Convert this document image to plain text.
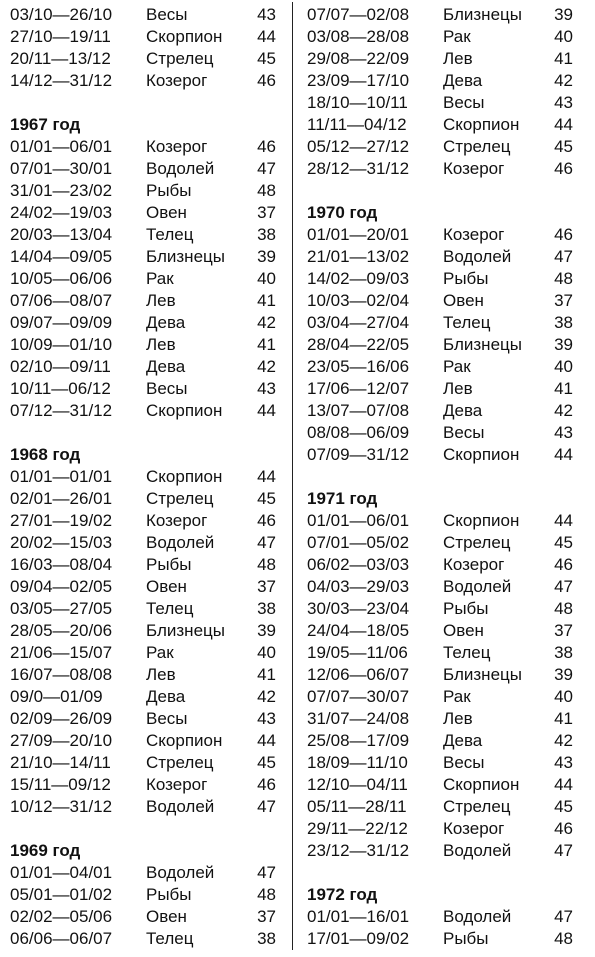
03/10—26/10 Весы	43
27/10—19/11 Скорпион 44
20/11—13/12 Стрелец	45
14/12—31/12 Козерог	46
1967 год
01/01—06/01 Козерог	46
07/01—30/01 Водолей	47
31/01—23/02 Рыбы	48
24/02—19/03 Овен	37
20/03—13/04 Телец	38
14/04—09/05 Близнецы 39
10/05—06/06 Рак	40
07/06—08/07 Лев	41
09/07—09/09 Дева	42
10/09—01/10 Лев	41
02/10—09/11 Дева	42
10/11—06/12 Весы	43
07/12—31/12 Скорпион 44
1968 год
01/01—01/01 Скорпион 44
02/01—26/01 Стрелец	45
27/01—19/02 Козерог	46
20/02—15/03 Водолей	47
16/03—08/04 Рыбы	48
09/04—02/05 Овен	37
03/05—27/05 Телец	38
28/05—20/06 Близнецы 39
21/06—15/07 Рак	40
16/07—08/08 Лев	41
09/0—01/09	Дева	42
02/09—26/09 Весы	43
27/09—20/10 Скорпион 44
21/10—14/11 Стрелец	45
15/11—09/12 Козерог	46
10/12—31/12 Водолей	47
1969 год
01/01—04/01 Водолей	47
05/01—01/02 Рыбы	48
02/02—05/06 Овен	37
06/06—06/07 Телец	38
07/07—02/08 Близнецы 39
03/08—28/08 Рак	40
29/08—22/09 Лев	41
23/09—17/10 Дева	42
18/10—10/11 Весы	43
11/11—04/12 Скорпион 44
05/12—27/12 Стрелец	45
28/12—31/12 Козерог	46
1970 год
01/01—20/01 Козерог	46
21/01—13/02 Водолей	47
14/02—09/03 Рыбы	48
10/03—02/04 Овен	37
03/04—27/04 Телец	38
28/04—22/05 Близнецы 39
23/05—16/06 Рак	40
17/06—12/07 Лев	41
13/07—07/08 Дева	42
08/08—06/09 Весы	43
07/09—31/12 Скорпион 44
1971 год
01/01—06/01 Скорпион 44
07/01—05/02 Стрелец	45
06/02—03/03 Козерог	46
04/03—29/03 Водолей	47
30/03—23/04 Рыбы	48
24/04—18/05 Овен	37
19/05—11/06 Телец	38
12/06—06/07 Близнецы 39
07/07—30/07 Рак	40
31/07—24/08 Лев	41
25/08—17/09 Дева	42
18/09—11/10 Весы	43
12/10—04/11 Скорпион 44
05/11—28/11 Стрелец	45
29/11—22/12 Козерог	46
23/12—31/12 Водолей	47
1972 год
01/01—16/01 Водолей	47
17/01—09/02 Рыбы	48
